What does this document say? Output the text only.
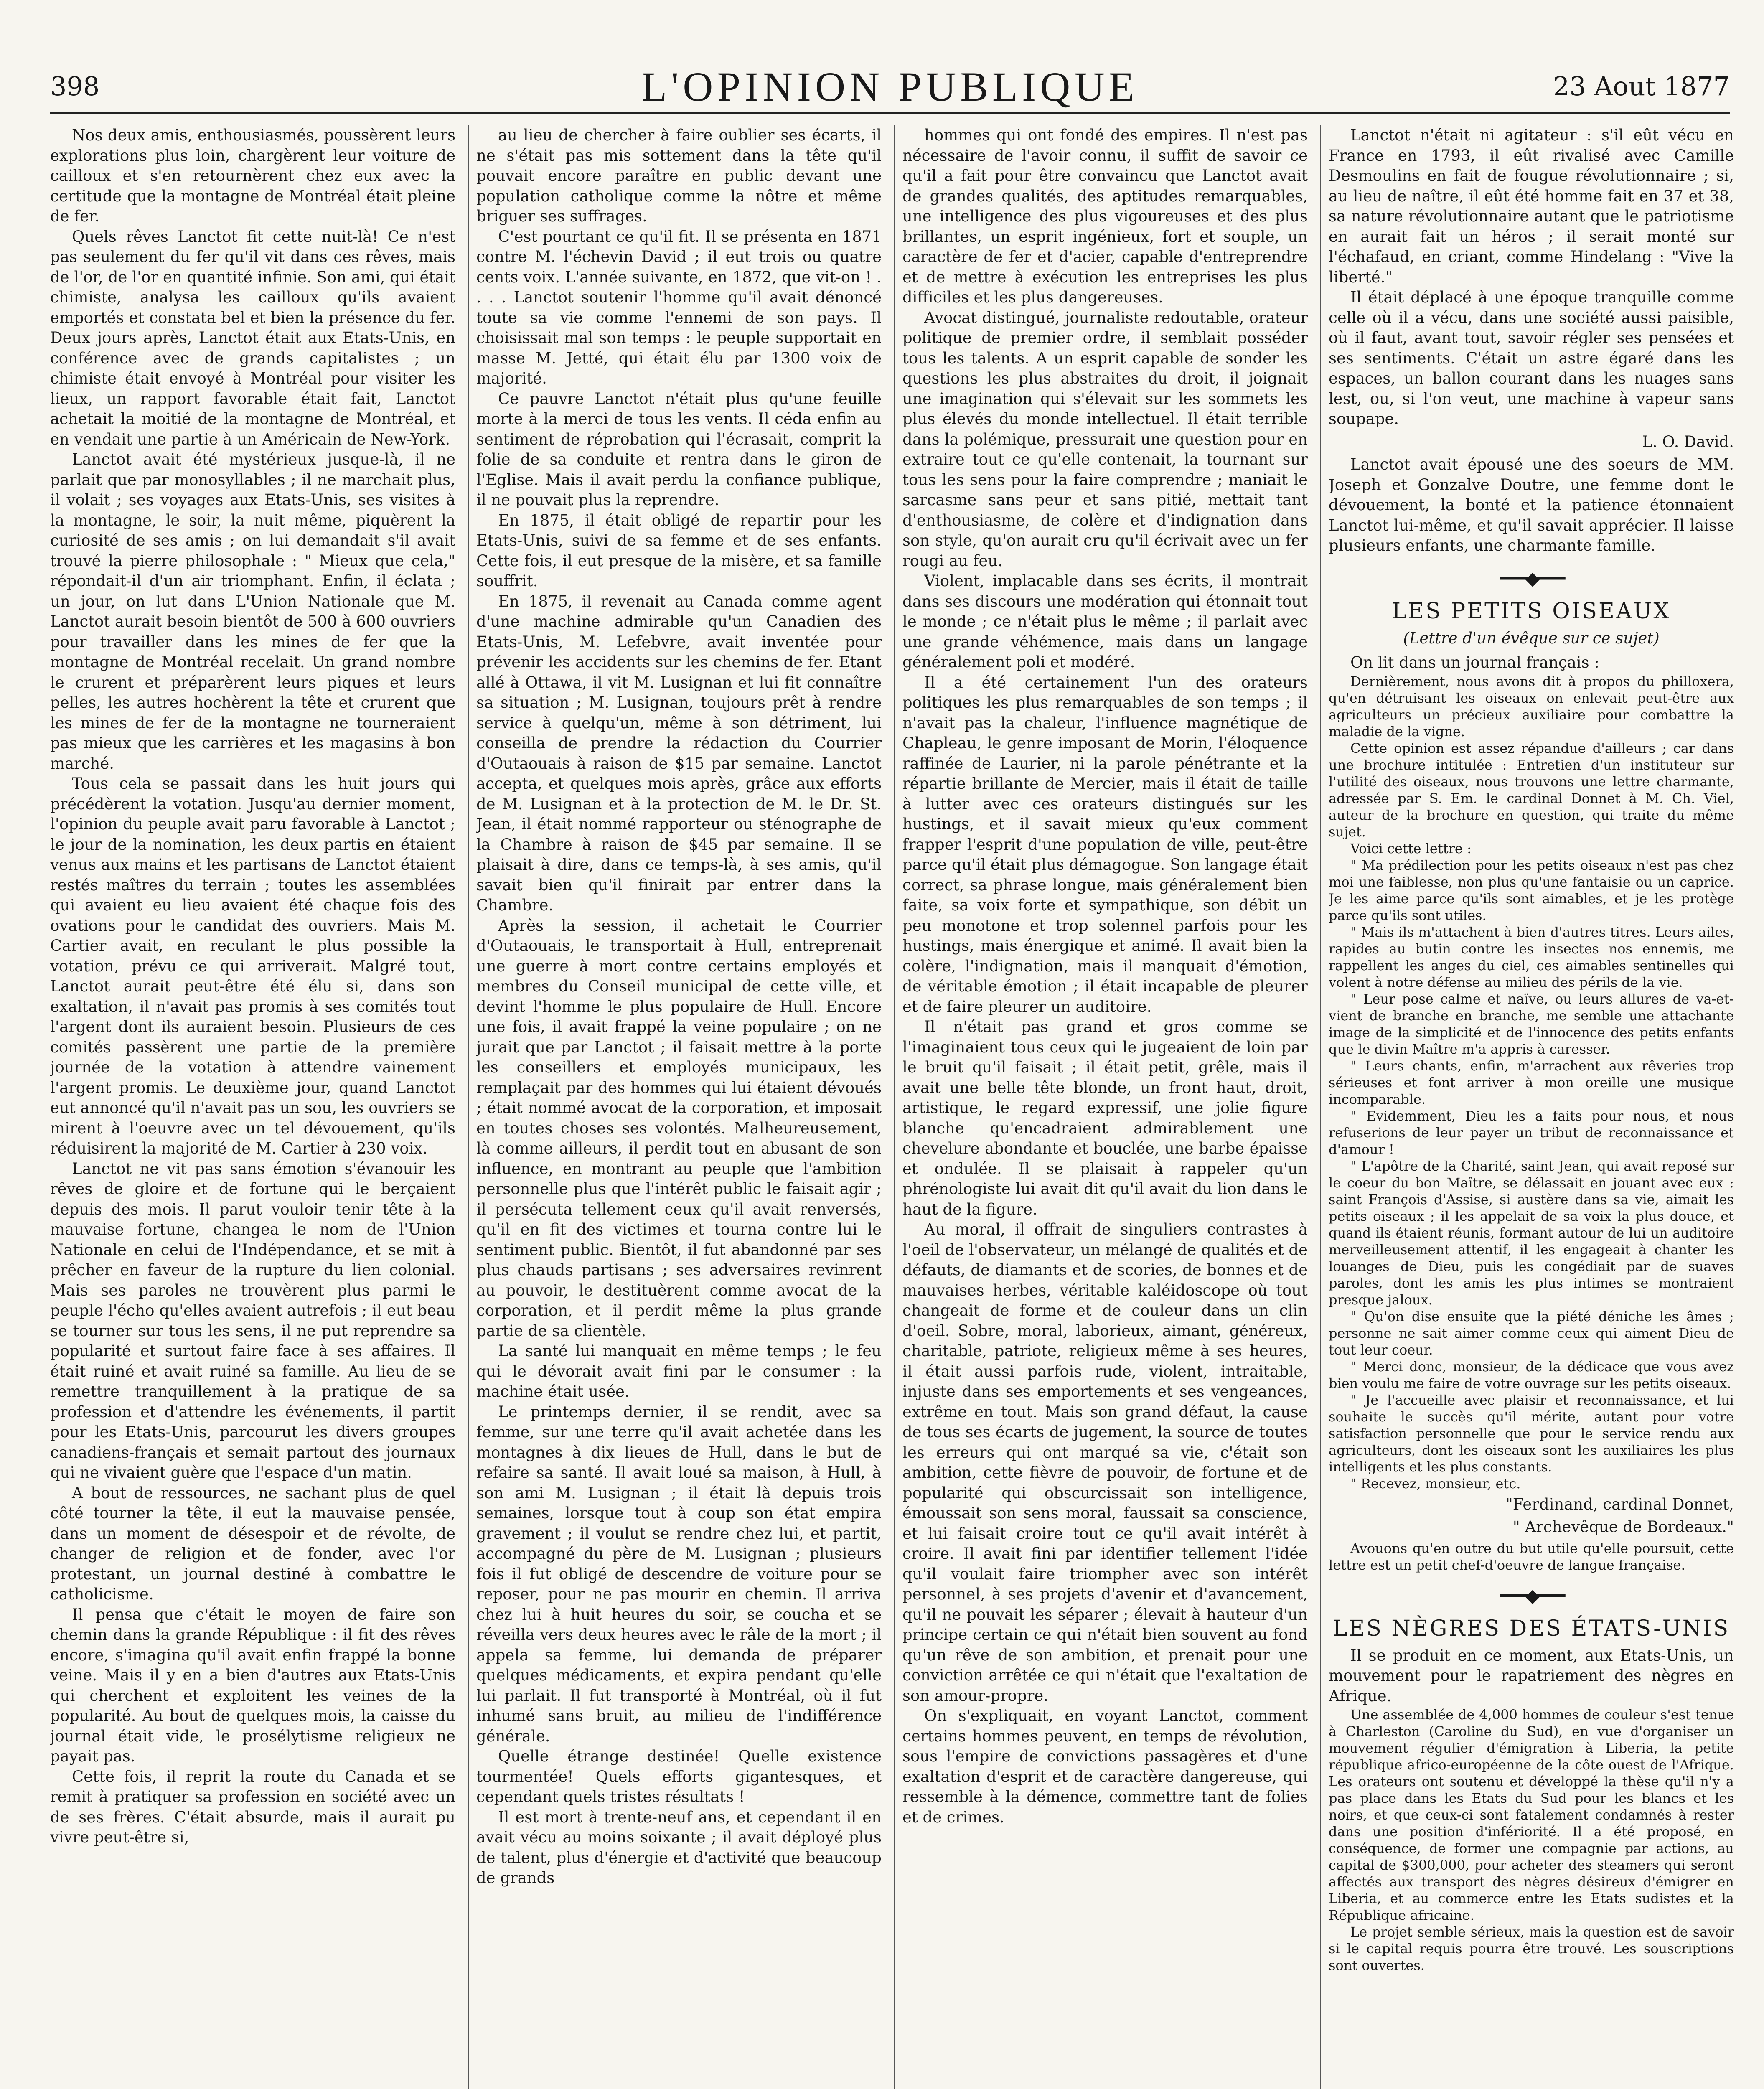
398	L'OPINION PUBLIQUE	23 Aout 1877

Nos deux amis, enthousiasmés, poussèrent leurs explorations plus loin, chargèrent leur voiture de cailloux et s'en retournèrent chez eux avec la certitude que la montagne de Montréal était pleine de fer.

Quels rêves Lanctot fit cette nuit-là! Ce n'est pas seulement du fer qu'il vit dans ces rêves, mais de l'or, de l'or en quantité infinie. Son ami, qui était chimiste, analysa les cailloux qu'ils avaient emportés et constata bel et bien la présence du fer. Deux jours après, Lanctot était aux Etats-Unis, en conférence avec de grands capitalistes ; un chimiste était envoyé à Montréal pour visiter les lieux, un rapport favorable était fait, Lanctot achetait la moitié de la montagne de Montréal, et en vendait une partie à un Américain de New-York.

Lanctot avait été mystérieux jusque-là, il ne parlait que par monosyllables ; il ne marchait plus, il volait ; ses voyages aux Etats-Unis, ses visites à la montagne, le soir, la nuit même, piquèrent la curiosité de ses amis ; on lui demandait s'il avait trouvé la pierre philosophale : " Mieux que cela," répondait-il d'un air triomphant. Enfin, il éclata ; un jour, on lut dans L'Union Nationale que M. Lanctot aurait besoin bientôt de 500 à 600 ouvriers pour travailler dans les mines de fer que la montagne de Montréal recelait. Un grand nombre le crurent et préparèrent leurs piques et leurs pelles, les autres hochèrent la tête et crurent que les mines de fer de la montagne ne tourneraient pas mieux que les carrières et les magasins à bon marché.

Tous cela se passait dans les huit jours qui précédèrent la votation. Jusqu'au dernier moment, l'opinion du peuple avait paru favorable à Lanctot ; le jour de la nomination, les deux partis en étaient venus aux mains et les partisans de Lanctot étaient restés maîtres du terrain ; toutes les assemblées qui avaient eu lieu avaient été chaque fois des ovations pour le candidat des ouvriers. Mais M. Cartier avait, en reculant le plus possible la votation, prévu ce qui arriverait. Malgré tout, Lanctot aurait peut-être été élu si, dans son exaltation, il n'avait pas promis à ses comités tout l'argent dont ils auraient besoin. Plusieurs de ces comités passèrent une partie de la première journée de la votation à attendre vainement l'argent promis. Le deuxième jour, quand Lanctot eut annoncé qu'il n'avait pas un sou, les ouvriers se mirent à l'oeuvre avec un tel dévouement, qu'ils réduisirent la majorité de M. Cartier à 230 voix.

Lanctot ne vit pas sans émotion s'évanouir les rêves de gloire et de fortune qui le berçaient depuis des mois. Il parut vouloir tenir tête à la mauvaise fortune, changea le nom de l'Union Nationale en celui de l'Indépendance, et se mit à prêcher en faveur de la rupture du lien colonial. Mais ses paroles ne trouvèrent plus parmi le peuple l'écho qu'elles avaient autrefois ; il eut beau se tourner sur tous les sens, il ne put reprendre sa popularité et surtout faire face à ses affaires. Il était ruiné et avait ruiné sa famille. Au lieu de se remettre tranquillement à la pratique de sa profession et d'attendre les événements, il partit pour les Etats-Unis, parcourut les divers groupes canadiens-français et semait partout des journaux qui ne vivaient guère que l'espace d'un matin.

A bout de ressources, ne sachant plus de quel côté tourner la tête, il eut la mauvaise pensée, dans un moment de désespoir et de révolte, de changer de religion et de fonder, avec l'or protestant, un journal destiné à combattre le catholicisme.

Il pensa que c'était le moyen de faire son chemin dans la grande République : il fit des rêves encore, s'imagina qu'il avait enfin frappé la bonne veine. Mais il y en a bien d'autres aux Etats-Unis qui cherchent et exploitent les veines de la popularité. Au bout de quelques mois, la caisse du journal était vide, le prosélytisme religieux ne payait pas.

Cette fois, il reprit la route du Canada et se remit à pratiquer sa profession en société avec un de ses frères. C'était absurde, mais il aurait pu vivre peut-être si,

au lieu de chercher à faire oublier ses écarts, il ne s'était pas mis sottement dans la tête qu'il pouvait encore paraître en public devant une population catholique comme la nôtre et même briguer ses suffrages.

C'est pourtant ce qu'il fit. Il se présenta en 1871 contre M. l'échevin David ; il eut trois ou quatre cents voix. L'année suivante, en 1872, que vit-on ! . . . . Lanctot soutenir l'homme qu'il avait dénoncé toute sa vie comme l'ennemi de son pays. Il choisissait mal son temps : le peuple supportait en masse M. Jetté, qui était élu par 1300 voix de majorité.

Ce pauvre Lanctot n'était plus qu'une feuille morte à la merci de tous les vents. Il céda enfin au sentiment de réprobation qui l'écrasait, comprit la folie de sa conduite et rentra dans le giron de l'Eglise. Mais il avait perdu la confiance publique, il ne pouvait plus la reprendre.

En 1875, il était obligé de repartir pour les Etats-Unis, suivi de sa femme et de ses enfants. Cette fois, il eut presque de la misère, et sa famille souffrit.

En 1875, il revenait au Canada comme agent d'une machine admirable qu'un Canadien des Etats-Unis, M. Lefebvre, avait inventée pour prévenir les accidents sur les chemins de fer. Etant allé à Ottawa, il vit M. Lusignan et lui fit connaître sa situation ; M. Lusignan, toujours prêt à rendre service à quelqu'un, même à son détriment, lui conseilla de prendre la rédaction du Courrier d'Outaouais à raison de $15 par semaine. Lanctot accepta, et quelques mois après, grâce aux efforts de M. Lusignan et à la protection de M. le Dr. St. Jean, il était nommé rapporteur ou sténographe de la Chambre à raison de $45 par semaine. Il se plaisait à dire, dans ce temps-là, à ses amis, qu'il savait bien qu'il finirait par entrer dans la Chambre.

Après la session, il achetait le Courrier d'Outaouais, le transportait à Hull, entreprenait une guerre à mort contre certains employés et membres du Conseil municipal de cette ville, et devint l'homme le plus populaire de Hull. Encore une fois, il avait frappé la veine populaire ; on ne jurait que par Lanctot ; il faisait mettre à la porte les conseillers et employés municipaux, les remplaçait par des hommes qui lui étaient dévoués ; était nommé avocat de la corporation, et imposait en toutes choses ses volontés. Malheureusement, là comme ailleurs, il perdit tout en abusant de son influence, en montrant au peuple que l'ambition personnelle plus que l'intérêt public le faisait agir ; il persécuta tellement ceux qu'il avait renversés, qu'il en fit des victimes et tourna contre lui le sentiment public. Bientôt, il fut abandonné par ses plus chauds partisans ; ses adversaires revinrent au pouvoir, le destituèrent comme avocat de la corporation, et il perdit même la plus grande partie de sa clientèle.

La santé lui manquait en même temps ; le feu qui le dévorait avait fini par le consumer : la machine était usée.

Le printemps dernier, il se rendit, avec sa femme, sur une terre qu'il avait achetée dans les montagnes à dix lieues de Hull, dans le but de refaire sa santé. Il avait loué sa maison, à Hull, à son ami M. Lusignan ; il était là depuis trois semaines, lorsque tout à coup son état empira gravement ; il voulut se rendre chez lui, et partit, accompagné du père de M. Lusignan ; plusieurs fois il fut obligé de descendre de voiture pour se reposer, pour ne pas mourir en chemin. Il arriva chez lui à huit heures du soir, se coucha et se réveilla vers deux heures avec le râle de la mort ; il appela sa femme, lui demanda de préparer quelques médicaments, et expira pendant qu'elle lui parlait. Il fut transporté à Montréal, où il fut inhumé sans bruit, au milieu de l'indifférence générale.

Quelle étrange destinée! Quelle existence tourmentée! Quels efforts gigantesques, et cependant quels tristes résultats !

Il est mort à trente-neuf ans, et cependant il en avait vécu au moins soixante ; il avait déployé plus de talent, plus d'énergie et d'activité que beaucoup de grands

hommes qui ont fondé des empires. Il n'est pas nécessaire de l'avoir connu, il suffit de savoir ce qu'il a fait pour être convaincu que Lanctot avait de grandes qualités, des aptitudes remarquables, une intelligence des plus vigoureuses et des plus brillantes, un esprit ingénieux, fort et souple, un caractère de fer et d'acier, capable d'entreprendre et de mettre à exécution les entreprises les plus difficiles et les plus dangereuses.

Avocat distingué, journaliste redoutable, orateur politique de premier ordre, il semblait posséder tous les talents. A un esprit capable de sonder les questions les plus abstraites du droit, il joignait une imagination qui s'élevait sur les sommets les plus élevés du monde intellectuel. Il était terrible dans la polémique, pressurait une question pour en extraire tout ce qu'elle contenait, la tournant sur tous les sens pour la faire comprendre ; maniait le sarcasme sans peur et sans pitié, mettait tant d'enthousiasme, de colère et d'indignation dans son style, qu'on aurait cru qu'il écrivait avec un fer rougi au feu.

Violent, implacable dans ses écrits, il montrait dans ses discours une modération qui étonnait tout le monde ; ce n'était plus le même ; il parlait avec une grande véhémence, mais dans un langage généralement poli et modéré.

Il a été certainement l'un des orateurs politiques les plus remarquables de son temps ; il n'avait pas la chaleur, l'influence magnétique de Chapleau, le genre imposant de Morin, l'éloquence raffinée de Laurier, ni la parole pénétrante et la répartie brillante de Mercier, mais il était de taille à lutter avec ces orateurs distingués sur les hustings, et il savait mieux qu'eux comment frapper l'esprit d'une population de ville, peut-être parce qu'il était plus démagogue. Son langage était correct, sa phrase longue, mais généralement bien faite, sa voix forte et sympathique, son débit un peu monotone et trop solennel parfois pour les hustings, mais énergique et animé. Il avait bien la colère, l'indignation, mais il manquait d'émotion, de véritable émotion ; il était incapable de pleurer et de faire pleurer un auditoire.

Il n'était pas grand et gros comme se l'imaginaient tous ceux qui le jugeaient de loin par le bruit qu'il faisait ; il était petit, grêle, mais il avait une belle tête blonde, un front haut, droit, artistique, le regard expressif, une jolie figure blanche qu'encadraient admirablement une chevelure abondante et bouclée, une barbe épaisse et ondulée. Il se plaisait à rappeler qu'un phrénologiste lui avait dit qu'il avait du lion dans le haut de la figure.

Au moral, il offrait de singuliers contrastes à l'oeil de l'observateur, un mélangé de qualités et de défauts, de diamants et de scories, de bonnes et de mauvaises herbes, véritable kaléidoscope où tout changeait de forme et de couleur dans un clin d'oeil. Sobre, moral, laborieux, aimant, généreux, charitable, patriote, religieux même à ses heures, il était aussi parfois rude, violent, intraitable, injuste dans ses emportements et ses vengeances, extrême en tout. Mais son grand défaut, la cause de tous ses écarts de jugement, la source de toutes les erreurs qui ont marqué sa vie, c'était son ambition, cette fièvre de pouvoir, de fortune et de popularité qui obscurcissait son intelligence, émoussait son sens moral, faussait sa conscience, et lui faisait croire tout ce qu'il avait intérêt à croire. Il avait fini par identifier tellement l'idée qu'il voulait faire triompher avec son intérêt personnel, à ses projets d'avenir et d'avancement, qu'il ne pouvait les séparer ; élevait à hauteur d'un principe certain ce qui n'était bien souvent au fond qu'un rêve de son ambition, et prenait pour une conviction arrêtée ce qui n'était que l'exaltation de son amour-propre.

On s'expliquait, en voyant Lanctot, comment certains hommes peuvent, en temps de révolution, sous l'empire de convictions passagères et d'une exaltation d'esprit et de caractère dangereuse, qui ressemble à la démence, commettre tant de folies et de crimes.

Lanctot n'était ni agitateur : s'il eût vécu en France en 1793, il eût rivalisé avec Camille Desmoulins en fait de fougue révolutionnaire ; si, au lieu de naître, il eût été homme fait en 37 et 38, sa nature révolutionnaire autant que le patriotisme en aurait fait un héros ; il serait monté sur l'échafaud, en criant, comme Hindelang : "Vive la liberté."

Il était déplacé à une époque tranquille comme celle où il a vécu, dans une société aussi paisible, où il faut, avant tout, savoir régler ses pensées et ses sentiments. C'était un astre égaré dans les espaces, un ballon courant dans les nuages sans lest, ou, si l'on veut, une machine à vapeur sans soupape.

L. O. David.

Lanctot avait épousé une des soeurs de MM. Joseph et Gonzalve Doutre, une femme dont le dévouement, la bonté et la patience étonnaient Lanctot lui-même, et qu'il savait apprécier. Il laisse plusieurs enfants, une charmante famille.

━━━◆━━━
LES PETITS OISEAUX
(Lettre d'un évêque sur ce sujet)

On lit dans un journal français :

Dernièrement, nous avons dit à propos du philloxera, qu'en détruisant les oiseaux on enlevait peut-être aux agriculteurs un précieux auxiliaire pour combattre la maladie de la vigne.

Cette opinion est assez répandue d'ailleurs ; car dans une brochure intitulée : Entretien d'un instituteur sur l'utilité des oiseaux, nous trouvons une lettre charmante, adressée par S. Em. le cardinal Donnet à M. Ch. Viel, auteur de la brochure en question, qui traite du même sujet.

Voici cette lettre :

" Ma prédilection pour les petits oiseaux n'est pas chez moi une faiblesse, non plus qu'une fantaisie ou un caprice. Je les aime parce qu'ils sont aimables, et je les protège parce qu'ils sont utiles.

" Mais ils m'attachent à bien d'autres titres. Leurs ailes, rapides au butin contre les insectes nos ennemis, me rappellent les anges du ciel, ces aimables sentinelles qui volent à notre défense au milieu des périls de la vie.

" Leur pose calme et naïve, ou leurs allures de va-et-vient de branche en branche, me semble une attachante image de la simplicité et de l'innocence des petits enfants que le divin Maître m'a appris à caresser.

" Leurs chants, enfin, m'arrachent aux rêveries trop sérieuses et font arriver à mon oreille une musique incomparable.

" Evidemment, Dieu les a faits pour nous, et nous refuserions de leur payer un tribut de reconnaissance et d'amour !

" L'apôtre de la Charité, saint Jean, qui avait reposé sur le coeur du bon Maître, se délassait en jouant avec eux : saint François d'Assise, si austère dans sa vie, aimait les petits oiseaux ; il les appelait de sa voix la plus douce, et quand ils étaient réunis, formant autour de lui un auditoire merveilleusement attentif, il les engageait à chanter les louanges de Dieu, puis les congédiait par de suaves paroles, dont les amis les plus intimes se montraient presque jaloux.

" Qu'on dise ensuite que la piété déniche les âmes ; personne ne sait aimer comme ceux qui aiment Dieu de tout leur coeur.

" Merci donc, monsieur, de la dédicace que vous avez bien voulu me faire de votre ouvrage sur les petits oiseaux.

" Je l'accueille avec plaisir et reconnaissance, et lui souhaite le succès qu'il mérite, autant pour votre satisfaction personnelle que pour le service rendu aux agriculteurs, dont les oiseaux sont les auxiliaires les plus intelligents et les plus constants.

" Recevez, monsieur, etc.

"Ferdinand, cardinal Donnet,
" Archevêque de Bordeaux."

Avouons qu'en outre du but utile qu'elle poursuit, cette lettre est un petit chef-d'oeuvre de langue française.

━━━◆━━━
LES NÈGRES DES ÉTATS-UNIS

Il se produit en ce moment, aux Etats-Unis, un mouvement pour le rapatriement des nègres en Afrique.

Une assemblée de 4,000 hommes de couleur s'est tenue à Charleston (Caroline du Sud), en vue d'organiser un mouvement régulier d'émigration à Liberia, la petite république africo-européenne de la côte ouest de l'Afrique. Les orateurs ont soutenu et développé la thèse qu'il n'y a pas place dans les Etats du Sud pour les blancs et les noirs, et que ceux-ci sont fatalement condamnés à rester dans une position d'infériorité. Il a été proposé, en conséquence, de former une compagnie par actions, au capital de $300,000, pour acheter des steamers qui seront affectés aux transport des nègres désireux d'émigrer en Liberia, et au commerce entre les Etats sudistes et la République africaine.

Le projet semble sérieux, mais la question est de savoir si le capital requis pourra être trouvé. Les souscriptions sont ouvertes.
